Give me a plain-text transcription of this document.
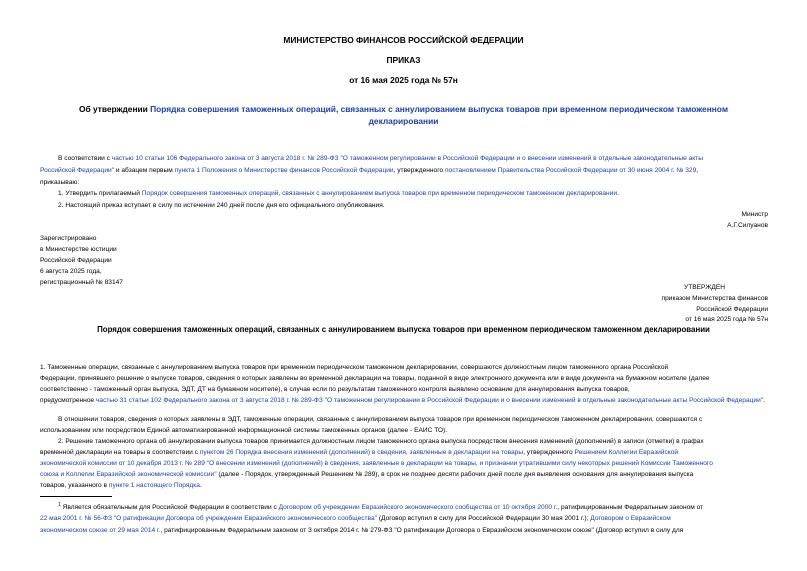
МИНИСТЕРСТВО ФИНАНСОВ РОССИЙСКОЙ ФЕДЕРАЦИИ
ПРИКАЗ
от 16 мая 2025 года № 57н
Об утверждении Порядка совершения таможенных операций, связанных с аннулированием выпуска товаров при временном периодическом таможенном
декларировании
В соответствии с частью 10 статьи 106 Федерального закона от 3 августа 2018 г. № 289-ФЗ "О таможенном регулировании в Российской Федерации и о внесении изменений в отдельные законодательные акты
Российской Федерации" и абзацем первым пункта 1 Положения о Министерстве финансов Российской Федерации, утвержденного постановлением Правительства Российской Федерации от 30 июня 2004 г. № 329,
приказываю:
1. Утвердить прилагаемый Порядок совершения таможенных операций, связанных с аннулированием выпуска товаров при временном периодическом таможенном декларировании.
2. Настоящий приказ вступает в силу по истечении 240 дней после дня его официального опубликования.
Министр
А.Г.Силуанов
Зарегистрировано
в Министерстве юстиции
Российской Федерации
6 августа 2025 года,
регистрационный № 83147
УТВЕРЖДЕН
приказом Министерства финансов
Российской Федерации
от 16 мая 2025 года № 57н
Порядок совершения таможенных операций, связанных с аннулированием выпуска товаров при временном периодическом таможенном декларировании
1. Таможенные операции, связанные с аннулированием выпуска товаров при временном периодическом таможенном декларировании, совершаются должностным лицом таможенного органа Российской
Федерации, принявшего решение о выпуске товаров, сведения о которых заявлены во временной декларации на товары, поданной в виде электронного документа или в виде документа на бумажном носителе (далее
соответственно - таможенный орган выпуска, ЭДТ, ДТ на бумажном носителе), в случае если по результатам таможенного контроля выявлено основание для аннулирования выпуска товаров,
предусмотренное частью 31 статьи 102 Федерального закона от 3 августа 2018 г. № 289-ФЗ "О таможенном регулировании в Российской Федерации и о внесении изменений в отдельные законодательные акты Российской Федерации".
В отношении товаров, сведения о которых заявлены в ЭДТ, таможенные операции, связанные с аннулированием выпуска товаров при временном периодическом таможенном декларировании, совершаются с
использованием или посредством Единой автоматизированной информационной системы таможенных органов (далее - ЕАИС ТО).
2. Решение таможенного органа об аннулировании выпуска товаров принимается должностным лицом таможенного органа выпуска посредством внесения изменений (дополнений) в записи (отметки) в графах
временной декларации на товары в соответствии с пунктом 26 Порядка внесения изменений (дополнений) в сведения, заявленные в декларации на товары, утвержденного Решением Коллегии Евразийской
экономической комиссии от 10 декабря 2013 г. № 289 "О внесении изменений (дополнений) в сведения, заявленные в декларации на товары, и признании утратившими силу некоторых решений Комиссии Таможенного
союза и Коллегии Евразийской экономической комиссии" (далее - Порядок, утвержденный Решением № 289), в срок не позднее десяти рабочих дней после дня выявления основания для аннулирования выпуска
товаров, указанного в пункте 1 настоящего Порядка.
$^1$ Является обязательным для Российской Федерации в соответствии с Договором об учреждении Евразийского экономического сообщества от 10 октября 2000 г., ратифицированным Федеральным законом от
22 мая 2001 г. № 56-ФЗ "О ратификации Договора об учреждении Евразийского экономического сообщества" (Договор вступил в силу для Российской Федерации 30 мая 2001 г.); Договором о Евразийском
экономическом союзе от 29 мая 2014 г., ратифицированным Федеральным законом от 3 октября 2014 г. № 279-ФЗ "О ратификации Договора о Евразийском экономическом союзе" (Договор вступил в силу для
